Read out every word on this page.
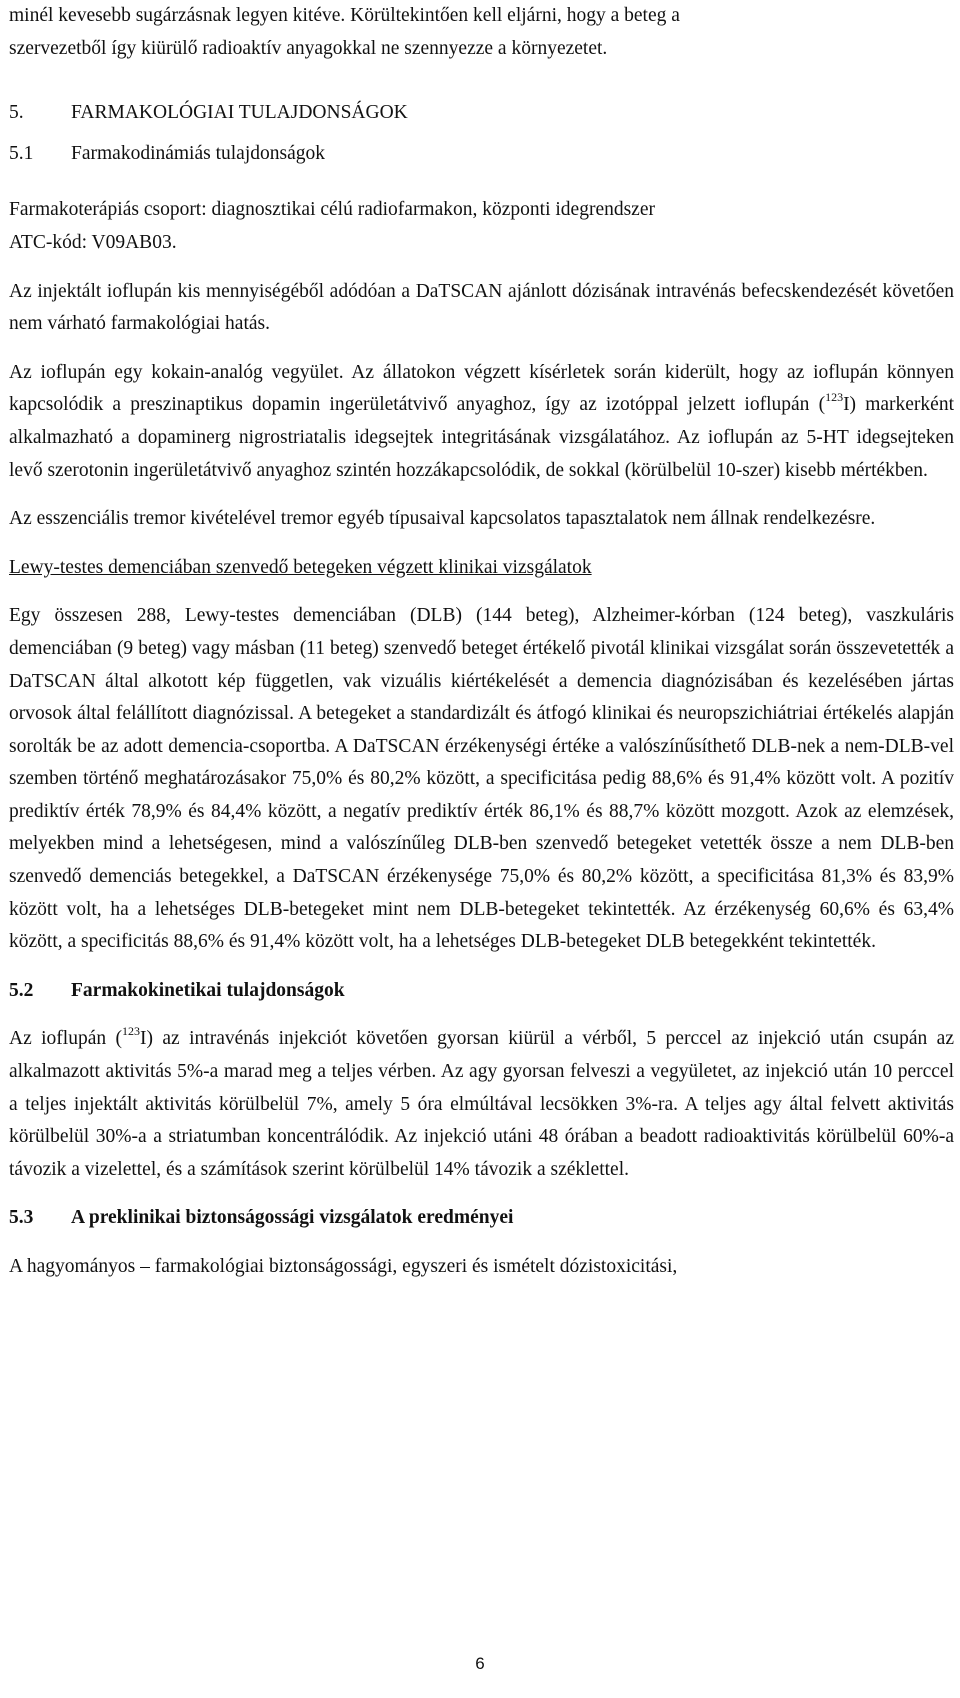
minél kevesebb sugárzásnak legyen kitéve. Körültekintően kell eljárni, hogy a beteg a

szervezetből így kiürülő radioaktív anyagokkal ne szennyezze a környezetet.

5. FARMAKOLÓGIAI TULAJDONSÁGOK
5.1 Farmakodinámiás tulajdonságok

Farmakoterápiás csoport: diagnosztikai célú radiofarmakon, központi idegrendszer

ATC-kód: V09AB03.

Az injektált ioflupán kis mennyiségéből adódóan a DaTSCAN ajánlott dózisának intravénás befecskendezését követően nem várható farmakológiai hatás.

Az ioflupán egy kokain-analóg vegyület. Az állatokon végzett kísérletek során kiderült, hogy az ioflupán könnyen kapcsolódik a preszinaptikus dopamin ingerületátvivő anyaghoz, így az izotóppal jelzett ioflupán ($^{123}$I) markerként alkalmazható a dopaminerg nigrostriatalis idegsejtek integritásának vizsgálatához. Az ioflupán az 5-HT idegsejteken levő szerotonin ingerületátvivő anyaghoz szintén hozzákapcsolódik, de sokkal (körülbelül 10-szer) kisebb mértékben.

Az esszenciális tremor kivételével tremor egyéb típusaival kapcsolatos tapasztalatok nem állnak rendelkezésre.

Lewy-testes demenciában szenvedő betegeken végzett klinikai vizsgálatok

Egy összesen 288, Lewy-testes demenciában (DLB) (144 beteg), Alzheimer-kórban (124 beteg), vaszkuláris demenciában (9 beteg) vagy másban (11 beteg) szenvedő beteget értékelő pivotál klinikai vizsgálat során összevetették a DaTSCAN által alkotott kép független, vak vizuális kiértékelését a demencia diagnózisában és kezelésében jártas orvosok által felállított diagnózissal. A betegeket a standardizált és átfogó klinikai és neuropszichiátriai értékelés alapján sorolták be az adott demencia-csoportba. A DaTSCAN érzékenységi értéke a valószínűsíthető DLB-nek a nem-DLB-vel szemben történő meghatározásakor 75,0% és 80,2% között, a specificitása pedig 88,6% és 91,4% között volt. A pozitív prediktív érték 78,9% és 84,4% között, a negatív prediktív érték 86,1% és 88,7% között mozgott. Azok az elemzések, melyekben mind a lehetségesen, mind a valószínűleg DLB-ben szenvedő betegeket vetették össze a nem DLB-ben szenvedő demenciás betegekkel, a DaTSCAN érzékenysége 75,0% és 80,2% között, a specificitása 81,3% és 83,9% között volt, ha a lehetséges DLB-betegeket mint nem DLB-betegeket tekintették. Az érzékenység 60,6% és 63,4% között, a specificitás 88,6% és 91,4% között volt, ha a lehetséges DLB-betegeket DLB betegekként tekintették.

5.2 Farmakokinetikai tulajdonságok

Az ioflupán ($^{123}$I) az intravénás injekciót követően gyorsan kiürül a vérből, 5 perccel az injekció után csupán az alkalmazott aktivitás 5%-a marad meg a teljes vérben. Az agy gyorsan felveszi a vegyületet, az injekció után 10 perccel a teljes injektált aktivitás körülbelül 7%, amely 5 óra elmúltával lecsökken 3%-ra. A teljes agy által felvett aktivitás körülbelül 30%-a a striatumban koncentrálódik. Az injekció utáni 48 órában a beadott radioaktivitás körülbelül 60%-a távozik a vizelettel, és a számítások szerint körülbelül 14% távozik a széklettel.

5.3 A preklinikai biztonságossági vizsgálatok eredményei

A hagyományos – farmakológiai biztonságossági, egyszeri és ismételt dózistoxicitási,

6
